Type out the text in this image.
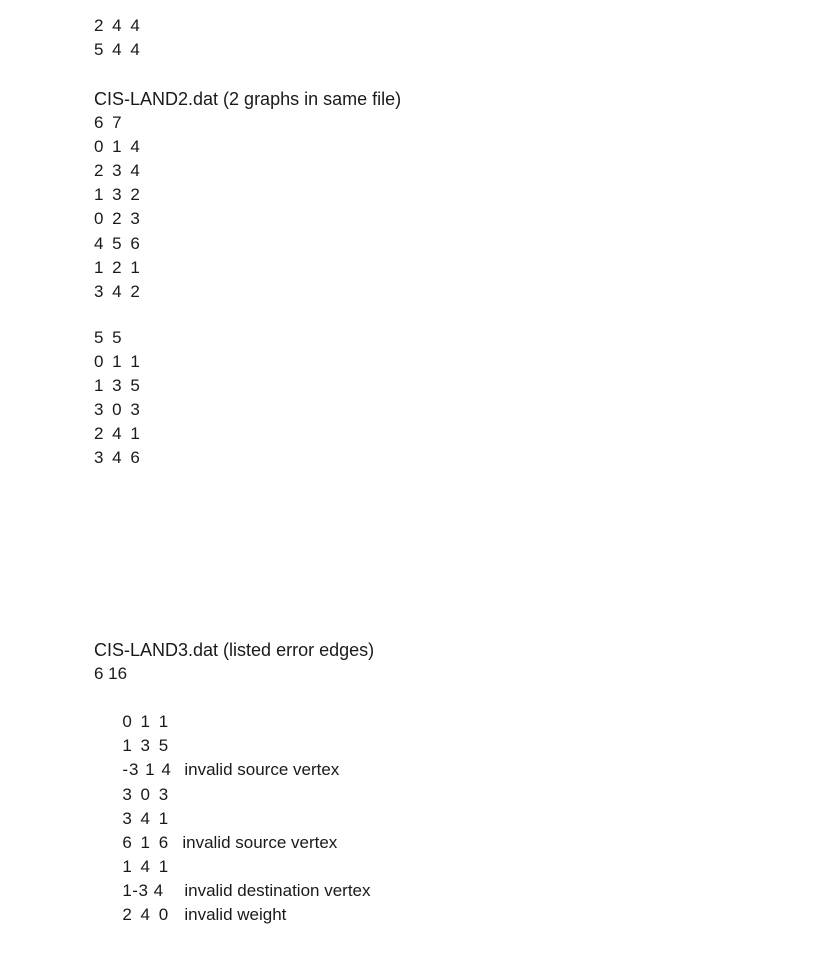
2 4 4
5 4 4
CIS-LAND2.dat (2 graphs in same file)
6 7
0 1 4
2 3 4
1 3 2
0 2 3
4 5 6
1 2 1
3 4 2
5 5
0 1 1
1 3 5
3 0 3
2 4 1
3 4 6
CIS-LAND3.dat (listed error edges)
6 16

0 1 1

1 3 5

-3 1 4 invalid source vertex

3 0 3

3 4 1

6 1 6 invalid source vertex

1 4 1

1-3 4 invalid destination vertex

2 4 0 invalid weight
